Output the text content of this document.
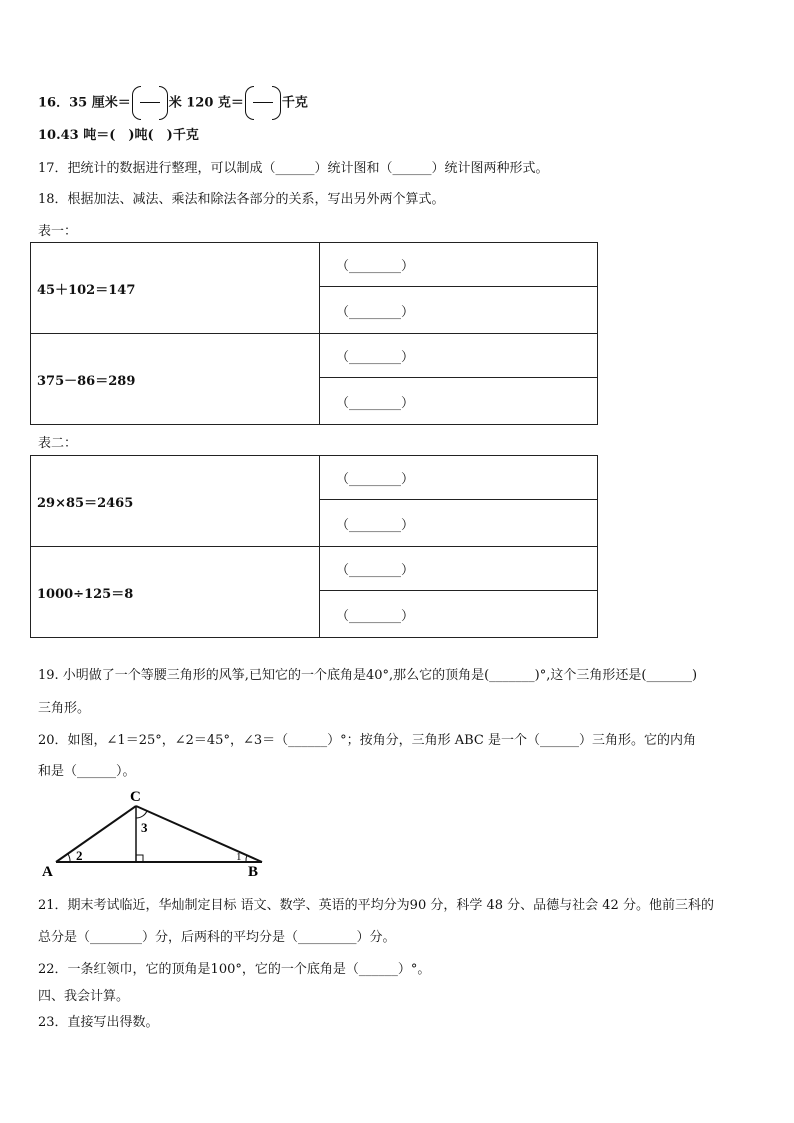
16．35 厘米＝	米 120 克＝	千克
10.43 吨＝(　)吨(　)千克
17．把统计的数据进行整理，可以制成（______）统计图和（______）统计图两种形式。
18．根据加法、减法、乘法和除法各部分的关系，写出另外两个算式。
表一：
45＋102＝147	（________）
	（________）
375－86＝289	（________）
	（________）
表二：
29×85＝2465	（________）
	（________）
1000÷125＝8	（________）
	（________）
19. 小明做了一个等腰三角形的风筝,已知它的一个底角是40°,那么它的顶角是(_______)°,这个三角形还是(_______)
三角形。
20．如图，∠1＝25°，∠2＝45°，∠3＝（______）°；按角分，三角形 ABC 是一个（______）三角形。它的内角
和是（______）。
A	B
C
2
3
1
21．期末考试临近，华灿制定目标 语文、数学、英语的平均分为90 分，科学 48 分、品德与社会 42 分。他前三科的
总分是（________）分，后两科的平均分是（_________）分。
22．一条红领巾，它的顶角是100°，它的一个底角是（______）°。
四、我会计算。
23．直接写出得数。
